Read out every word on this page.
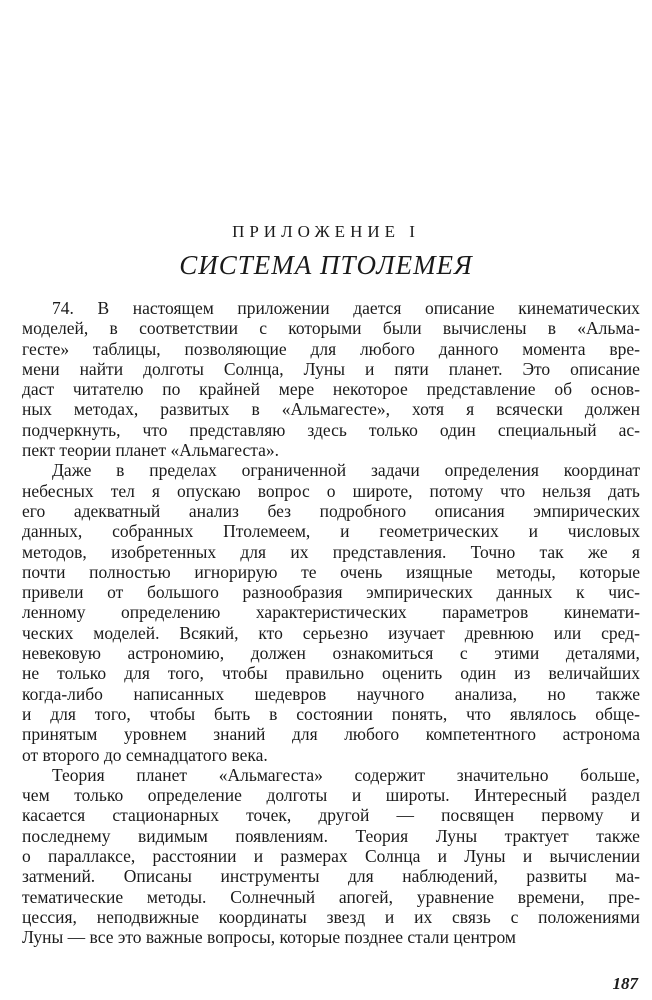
ПРИЛОЖЕНИЕ I
СИСТЕМА ПТОЛЕМЕЯ
74. В настоящем приложении дается описание кинематических
моделей, в соответствии с которыми были вычислены в «Альма-
гесте» таблицы, позволяющие для любого данного момента вре-
мени найти долготы Солнца, Луны и пяти планет. Это описание
даст читателю по крайней мере некоторое представление об основ-
ных методах, развитых в «Альмагесте», хотя я всячески должен
подчеркнуть, что представляю здесь только один специальный ас-
пект теории планет «Альмагеста».
Даже в пределах ограниченной задачи определения координат
небесных тел я опускаю вопрос о широте, потому что нельзя дать
его адекватный анализ без подробного описания эмпирических
данных, собранных Птолемеем, и геометрических и числовых
методов, изобретенных для их представления. Точно так же я
почти полностью игнорирую те очень изящные методы, которые
привели от большого разнообразия эмпирических данных к чис-
ленному определению характеристических параметров кинемати-
ческих моделей. Всякий, кто серьезно изучает древнюю или сред-
невековую астрономию, должен ознакомиться с этими деталями,
не только для того, чтобы правильно оценить один из величайших
когда-либо написанных шедевров научного анализа, но также
и для того, чтобы быть в состоянии понять, что являлось обще-
принятым уровнем знаний для любого компетентного астронома
от второго до семнадцатого века.
Теория планет «Альмагеста» содержит значительно больше,
чем только определение долготы и широты. Интересный раздел
касается стационарных точек, другой — посвящен первому и
последнему видимым появлениям. Теория Луны трактует также
о параллаксе, расстоянии и размерах Солнца и Луны и вычислении
затмений. Описаны инструменты для наблюдений, развиты ма-
тематические методы. Солнечный апогей, уравнение времени, пре-
цессия, неподвижные координаты звезд и их связь с положениями
Луны — все это важные вопросы, которые позднее стали центром
187
